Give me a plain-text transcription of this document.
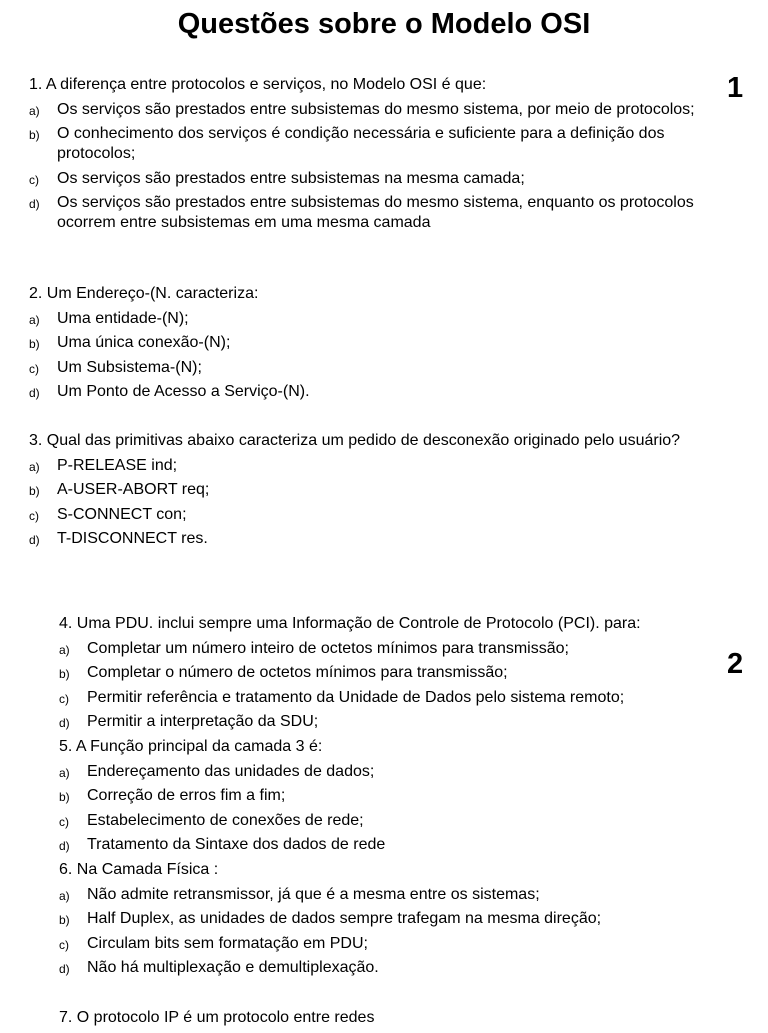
Questões sobre o Modelo OSI
1
2
1. A diferença entre protocolos e serviços, no Modelo OSI é que:
a) Os serviços são prestados entre subsistemas do mesmo sistema, por meio de protocolos;
b) O conhecimento dos serviços é condição necessária e suficiente para a definição dos protocolos;
c) Os serviços são prestados entre subsistemas na mesma camada;
d) Os serviços são prestados entre subsistemas do mesmo sistema, enquanto os protocolos ocorrem entre subsistemas em uma mesma camada
2. Um Endereço-(N. caracteriza:
a) Uma entidade-(N);
b) Uma única conexão-(N);
c) Um Subsistema-(N);
d) Um Ponto de Acesso a Serviço-(N).
3. Qual das primitivas abaixo caracteriza um pedido de desconexão originado pelo usuário?
a) P-RELEASE ind;
b) A-USER-ABORT req;
c) S-CONNECT con;
d) T-DISCONNECT res.
4. Uma PDU. inclui sempre uma Informação de Controle de Protocolo (PCI). para:
a) Completar um número inteiro de octetos mínimos para transmissão;
b) Completar o número de octetos mínimos para transmissão;
c) Permitir referência e tratamento da Unidade de Dados pelo sistema remoto;
d) Permitir a interpretação da SDU;
5. A Função principal da camada 3 é:
a) Endereçamento das unidades de dados;
b) Correção de erros fim a fim;
c) Estabelecimento de conexões de rede;
d) Tratamento da Sintaxe dos dados de rede
6. Na Camada Física :
a) Não admite retransmissor, já que é a mesma entre os sistemas;
b) Half Duplex, as unidades de dados sempre trafegam na mesma direção;
c) Circulam bits sem formatação em PDU;
d) Não há multiplexação e demultiplexação.
7. O protocolo IP é um protocolo entre redes
